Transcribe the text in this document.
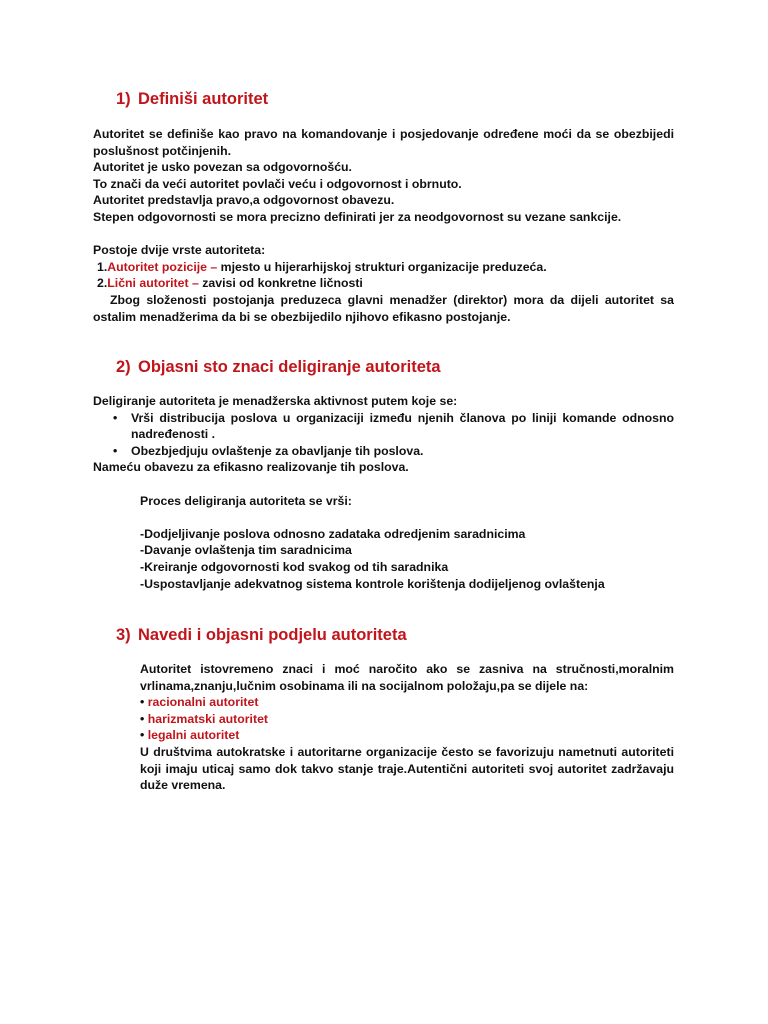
1) Definiši autoritet

Autoritet se definiše kao pravo na komandovanje i posjedovanje određene moći da se obezbijedi poslušnost potčinjenih.

Autoritet je usko povezan sa odgovornošću.

To znači da veći autoritet povlači veću i odgovornost i obrnuto.

Autoritet predstavlja pravo,a odgovornost obavezu.

Stepen odgovornosti se mora precizno definirati jer za neodgovornost su vezane sankcije.

Postoje dvije vrste autoriteta:

1.Autoritet pozicije – mjesto u hijerarhijskoj strukturi organizacije preduzeća.

2.Lični autoritet – zavisi od konkretne ličnosti

Zbog složenosti postojanja preduzeca glavni menadžer (direktor) mora da dijeli autoritet sa ostalim menadžerima da bi se obezbijedilo njihovo efikasno postojanje.

2) Objasni sto znaci deligiranje autoriteta

Deligiranje autoriteta je menadžerska aktivnost putem koje se:

• Vrši distribucija poslova u organizaciji između njenih članova po liniji komande odnosno nadređenosti .

• Obezbjedjuju ovlaštenje za obavljanje tih poslova.

Nameću obavezu za efikasno realizovanje tih poslova.

Proces deligiranja autoriteta se vrši:

-Dodjeljivanje poslova odnosno zadataka odredjenim saradnicima

-Davanje ovlaštenja tim saradnicima

-Kreiranje odgovornosti kod svakog od tih saradnika

-Uspostavljanje adekvatnog sistema kontrole korištenja dodijeljenog ovlaštenja

3) Navedi i objasni podjelu autoriteta

Autoritet istovremeno znaci i moć naročito ako se zasniva na stručnosti,moralnim vrlinama,znanju,lučnim osobinama ili na socijalnom položaju,pa se dijele na:

• racionalni autoritet

• harizmatski autoritet

• legalni autoritet

U društvima autokratske i autoritarne organizacije često se favorizuju nametnuti autoriteti koji imaju uticaj samo dok takvo stanje traje.Autentični autoriteti svoj autoritet zadržavaju duže vremena.
